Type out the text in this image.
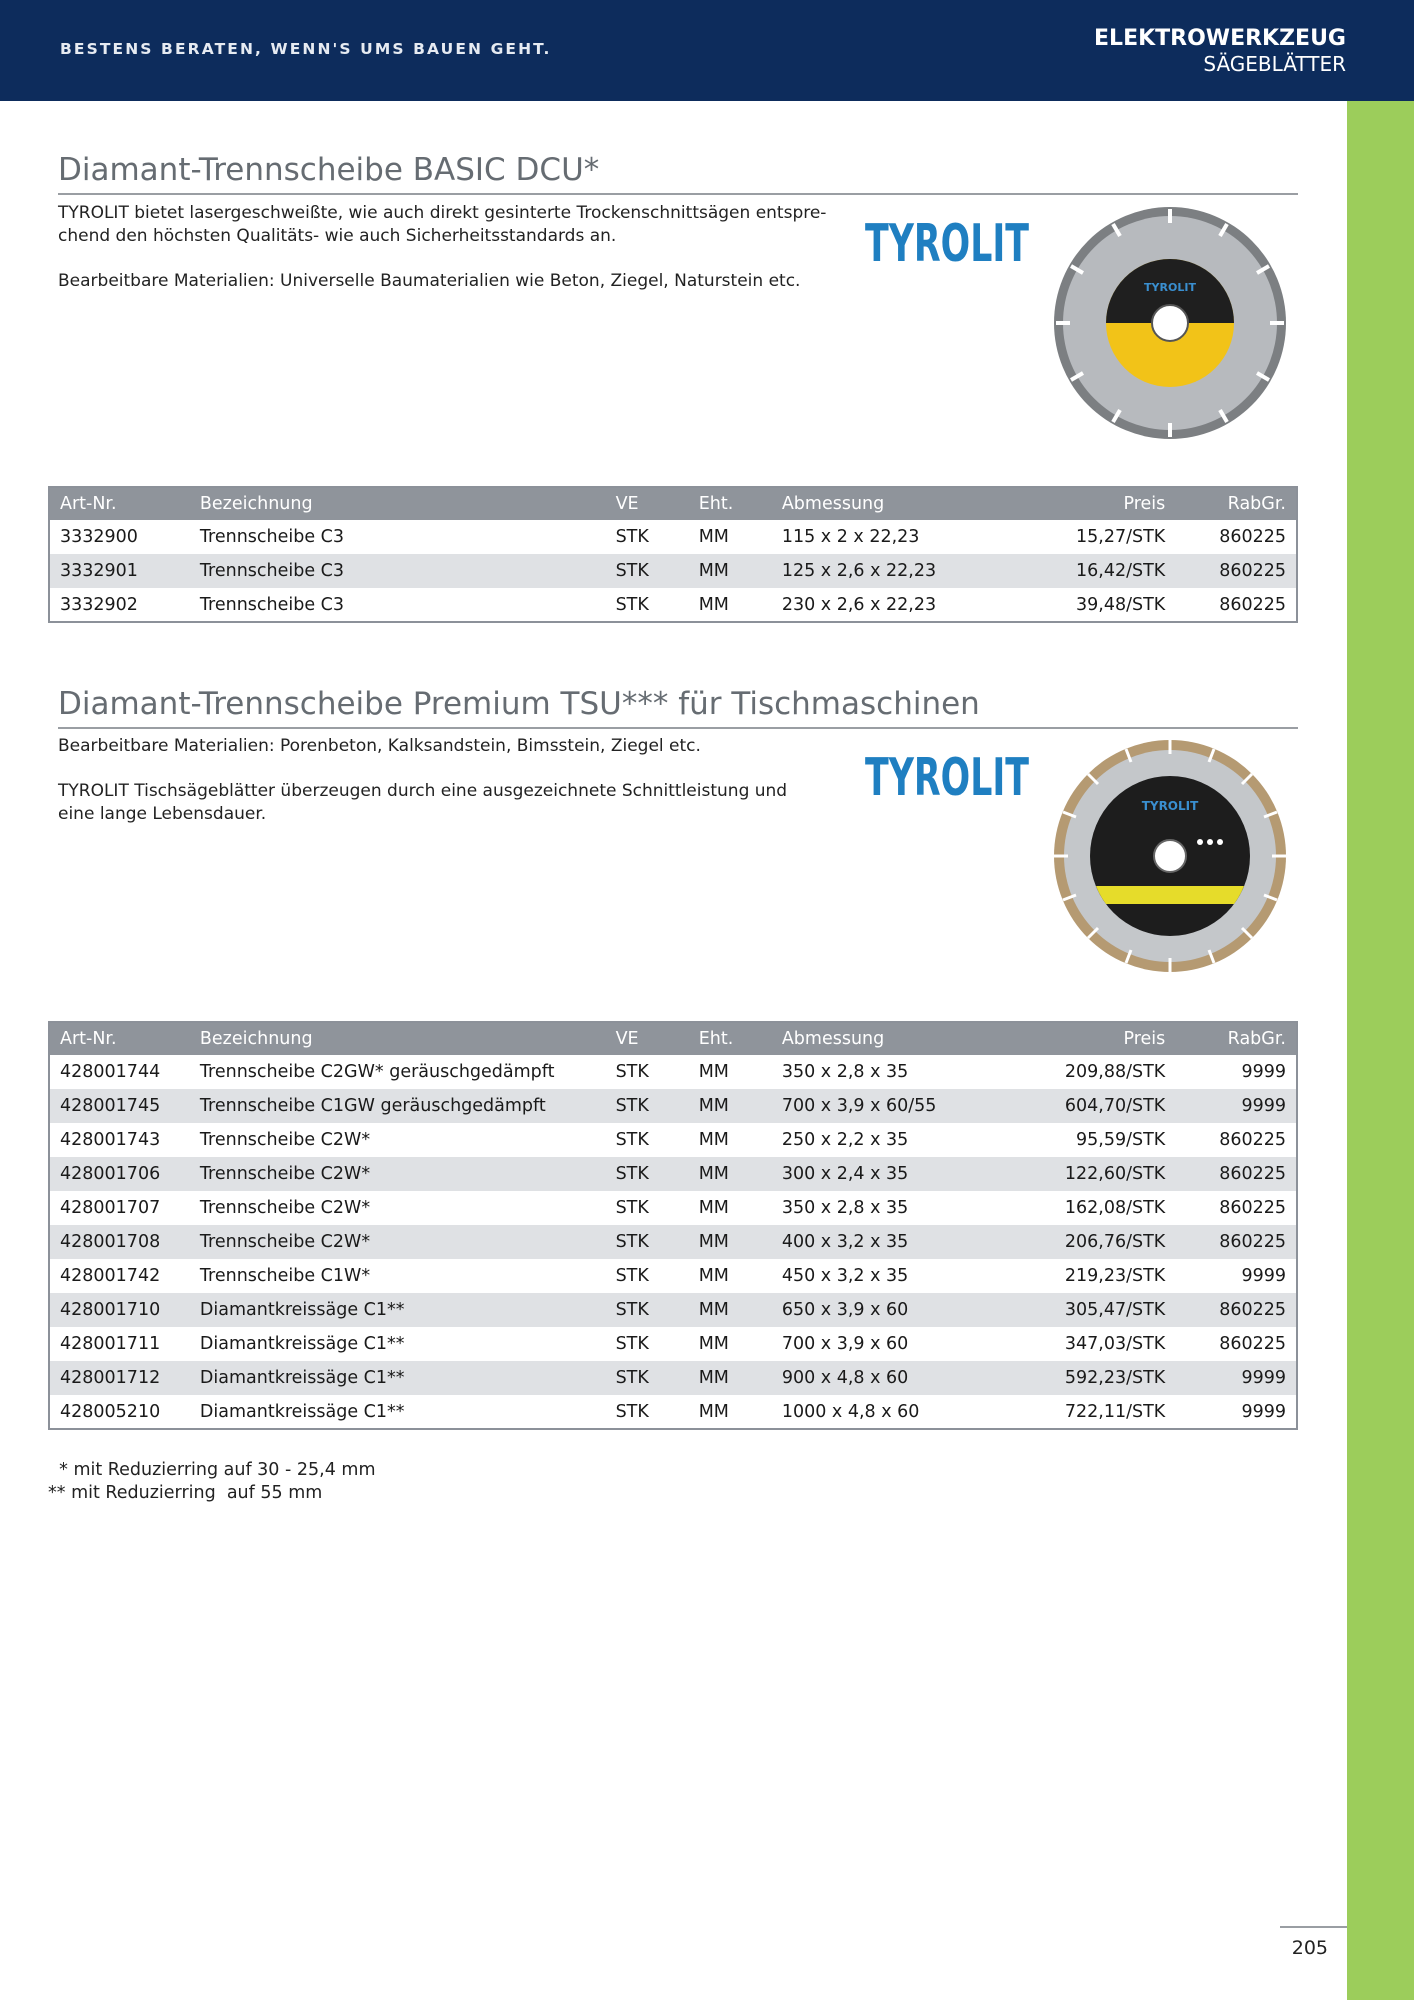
BESTENS BERATEN, WENN'S UMS BAUEN GEHT.	ELEKTROWERKZEUG
SÄGEBLÄTTER
Diamant-Trennscheibe BASIC DCU*

TYROLIT bietet lasergeschweißte, wie auch direkt gesinterte Trockenschnittsägen entspre-chend den höchsten Qualitäts- wie auch Sicherheitsstandards an.

Bearbeitbare Materialien: Universelle Baumaterialien wie Beton, Ziegel, Naturstein etc.

TYROLIT
TYROLIT
Art-Nr.	Bezeichnung	VE	Eht.	Abmessung	Preis	RabGr.
3332900	Trennscheibe C3	STK	MM	115 x 2 x 22,23	15,27/STK	860225
3332901	Trennscheibe C3	STK	MM	125 x 2,6 x 22,23	16,42/STK	860225
3332902	Trennscheibe C3	STK	MM	230 x 2,6 x 22,23	39,48/STK	860225
Diamant-Trennscheibe Premium TSU*** für Tischmaschinen

Bearbeitbare Materialien: Porenbeton, Kalksandstein, Bimsstein, Ziegel etc.

TYROLIT Tischsägeblätter überzeugen durch eine ausgezeichnete Schnittleistung und eine lange Lebensdauer.

TYROLIT	TYROLIT
Art-Nr.	Bezeichnung	VE	Eht.	Abmessung	Preis	RabGr.
428001744	Trennscheibe C2GW* geräuschgedämpft	STK	MM	350 x 2,8 x 35	209,88/STK	9999
428001745	Trennscheibe C1GW geräuschgedämpft	STK	MM	700 x 3,9 x 60/55	604,70/STK	9999
428001743	Trennscheibe C2W*	STK	MM	250 x 2,2 x 35	95,59/STK	860225
428001706	Trennscheibe C2W*	STK	MM	300 x 2,4 x 35	122,60/STK	860225
428001707	Trennscheibe C2W*	STK	MM	350 x 2,8 x 35	162,08/STK	860225
428001708	Trennscheibe C2W*	STK	MM	400 x 3,2 x 35	206,76/STK	860225
428001742	Trennscheibe C1W*	STK	MM	450 x 3,2 x 35	219,23/STK	9999
428001710	Diamantkreissäge C1**	STK	MM	650 x 3,9 x 60	305,47/STK	860225
428001711	Diamantkreissäge C1**	STK	MM	700 x 3,9 x 60	347,03/STK	860225
428001712	Diamantkreissäge C1**	STK	MM	900 x 4,8 x 60	592,23/STK	9999
428005210	Diamantkreissäge C1**	STK	MM	1000 x 4,8 x 60	722,11/STK	9999
* mit Reduzierring auf 30 - 25,4 mm
** mit Reduzierring  auf 55 mm
205
